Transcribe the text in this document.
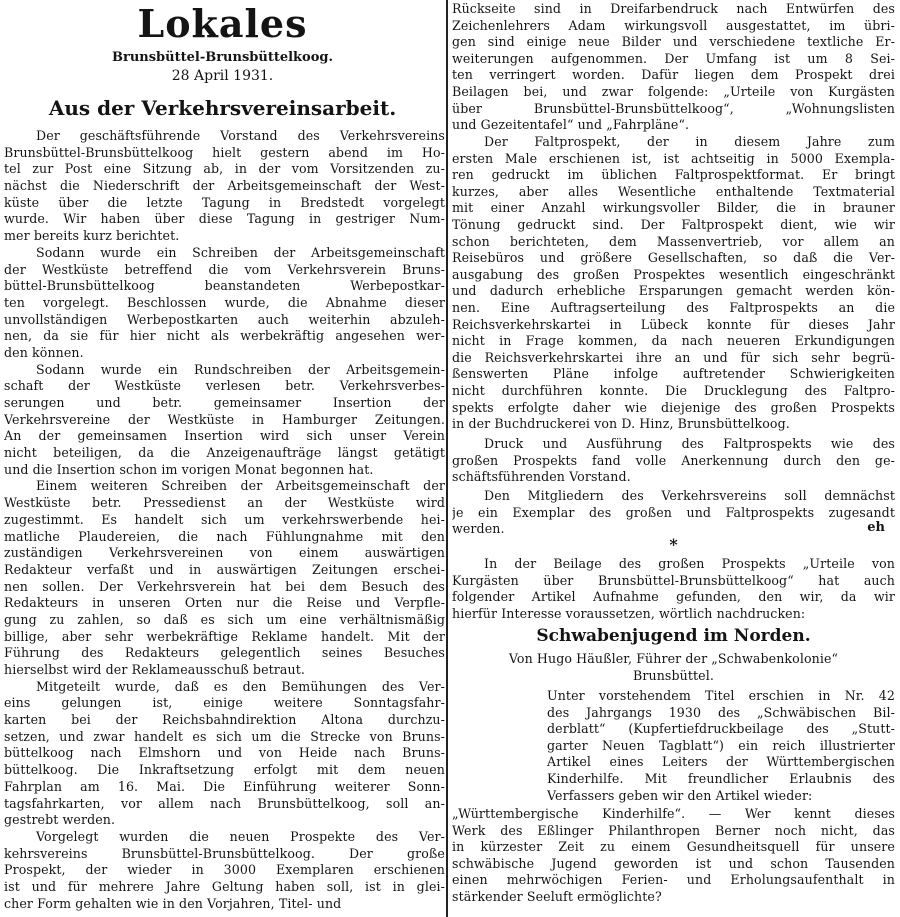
Lokales
Brunsbüttel-Brunsbüttelkoog.
28 April 1931.
Aus der Verkehrsvereinsarbeit.
Der geschäftsführende Vorstand des Verkehrsvereins
Brunsbüttel-Brunsbüttelkoog hielt gestern abend im Ho-
tel zur Post eine Sitzung ab, in der vom Vorsitzenden zu-
nächst die Niederschrift der Arbeitsgemeinschaft der West-
küste über die letzte Tagung in Bredstedt vorgelegt
wurde. Wir haben über diese Tagung in gestriger Num-
mer bereits kurz berichtet.
Sodann wurde ein Schreiben der Arbeitsgemeinschaft
der Westküste betreffend die vom Verkehrsverein Bruns-
büttel-Brunsbüttelkoog beanstandeten Werbepostkar-
ten vorgelegt. Beschlossen wurde, die Abnahme dieser
unvollständigen Werbepostkarten auch weiterhin abzuleh-
nen, da sie für hier nicht als werbekräftig angesehen wer-
den können.
Sodann wurde ein Rundschreiben der Arbeitsgemein-
schaft der Westküste verlesen betr. Verkehrsverbes-
serungen und betr. gemeinsamer Insertion der
Verkehrsvereine der Westküste in Hamburger Zeitungen.
An der gemeinsamen Insertion wird sich unser Verein
nicht beteiligen, da die Anzeigenaufträge längst getätigt
und die Insertion schon im vorigen Monat begonnen hat.
Einem weiteren Schreiben der Arbeitsgemeinschaft der
Westküste betr. Pressedienst an der Westküste wird
zugestimmt. Es handelt sich um verkehrswerbende hei-
matliche Plaudereien, die nach Fühlungnahme mit den
zuständigen Verkehrsvereinen von einem auswärtigen
Redakteur verfaßt und in auswärtigen Zeitungen erschei-
nen sollen. Der Verkehrsverein hat bei dem Besuch des
Redakteurs in unseren Orten nur die Reise und Verpfle-
gung zu zahlen, so daß es sich um eine verhältnismäßig
billige, aber sehr werbekräftige Reklame handelt. Mit der
Führung des Redakteurs gelegentlich seines Besuches
hierselbst wird der Reklameausschuß betraut.
Mitgeteilt wurde, daß es den Bemühungen des Ver-
eins gelungen ist, einige weitere Sonntagsfahr-
karten bei der Reichsbahndirektion Altona durchzu-
setzen, und zwar handelt es sich um die Strecke von Bruns-
büttelkoog nach Elmshorn und von Heide nach Bruns-
büttelkoog. Die Inkraftsetzung erfolgt mit dem neuen
Fahrplan am 16. Mai. Die Einführung weiterer Sonn-
tagsfahrkarten, vor allem nach Brunsbüttelkoog, soll an-
gestrebt werden.
Vorgelegt wurden die neuen Prospekte des Ver-
kehrsvereins Brunsbüttel-Brunsbüttelkoog. Der große
Prospekt, der wieder in 3000 Exemplaren erschienen
ist und für mehrere Jahre Geltung haben soll, ist in glei-
cher Form gehalten wie in den Vorjahren, Titel- und
Rückseite sind in Dreifarbendruck nach Entwürfen des
Zeichenlehrers Adam wirkungsvoll ausgestattet, im übri-
gen sind einige neue Bilder und verschiedene textliche Er-
weiterungen aufgenommen. Der Umfang ist um 8 Sei-
ten verringert worden. Dafür liegen dem Prospekt drei
Beilagen bei, und zwar folgende: „Urteile von Kurgästen
über Brunsbüttel-Brunsbüttelkoog“, „Wohnungslisten
und Gezeitentafel“ und „Fahrpläne“.
Der Faltprospekt, der in diesem Jahre zum
ersten Male erschienen ist, ist achtseitig in 5000 Exempla-
ren gedruckt im üblichen Faltprospektformat. Er bringt
kurzes, aber alles Wesentliche enthaltende Textmaterial
mit einer Anzahl wirkungsvoller Bilder, die in brauner
Tönung gedruckt sind. Der Faltprospekt dient, wie wir
schon berichteten, dem Massenvertrieb, vor allem an
Reisebüros und größere Gesellschaften, so daß die Ver-
ausgabung des großen Prospektes wesentlich eingeschränkt
und dadurch erhebliche Ersparungen gemacht werden kön-
nen. Eine Auftragserteilung des Faltprospekts an die
Reichsverkehrskartei in Lübeck konnte für dieses Jahr
nicht in Frage kommen, da nach neueren Erkundigungen
die Reichsverkehrskartei ihre an und für sich sehr begrü-
ßenswerten Pläne infolge auftretender Schwierigkeiten
nicht durchführen konnte. Die Drucklegung des Faltpro-
spekts erfolgte daher wie diejenige des großen Prospekts
in der Buchdruckerei von D. Hinz, Brunsbüttelkoog.
Druck und Ausführung des Faltprospekts wie des
großen Prospekts fand volle Anerkennung durch den ge-
schäftsführenden Vorstand.
Den Mitgliedern des Verkehrsvereins soll demnächst
je ein Exemplar des großen und Faltprospekts zugesandt
werden.	eh
*
In der Beilage des großen Prospekts „Urteile von
Kurgästen über Brunsbüttel-Brunsbüttelkoog“ hat auch
folgender Artikel Aufnahme gefunden, den wir, da wir
hierfür Interesse voraussetzen, wörtlich nachdrucken:
Schwabenjugend im Norden.
Von Hugo Häußler, Führer der „Schwabenkolonie“
Brunsbüttel.
Unter vorstehendem Titel erschien in Nr. 42
des Jahrgangs 1930 des „Schwäbischen Bil-
derblatt“ (Kupfertiefdruckbeilage des „Stutt-
garter Neuen Tagblatt“) ein reich illustrierter
Artikel eines Leiters der Württembergischen
Kinderhilfe. Mit freundlicher Erlaubnis des
Verfassers geben wir den Artikel wieder:
„Württembergische Kinderhilfe“. — Wer kennt dieses
Werk des Eßlinger Philanthropen Berner noch nicht, das
in kürzester Zeit zu einem Gesundheitsquell für unsere
schwäbische Jugend geworden ist und schon Tausenden
einen mehrwöchigen Ferien- und Erholungsaufenthalt in
stärkender Seeluft ermöglichte?
